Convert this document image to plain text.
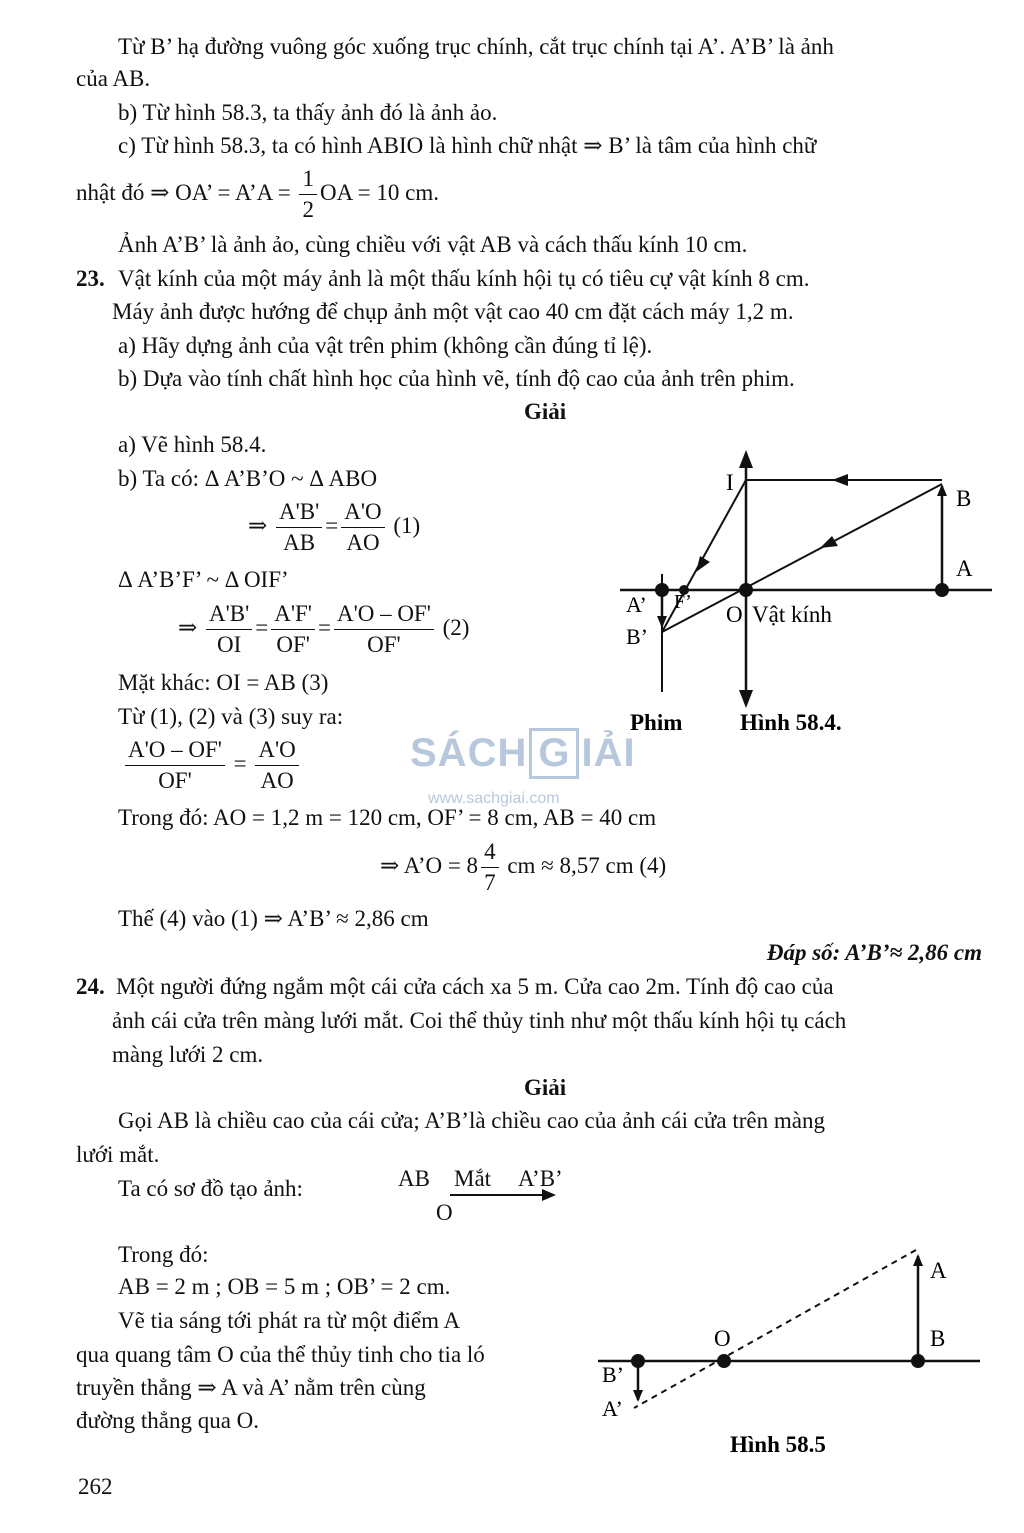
Từ B’ hạ đường vuông góc xuống trục chính, cắt trục chính tại A’. A’B’ là ảnh
của AB.
b) Từ hình 58.3, ta thấy ảnh đó là ảnh ảo.
c) Từ hình 58.3, ta có hình ABIO là hình chữ nhật ⇒ B’ là tâm của hình chữ
nhật đó ⇒ OA’ = A’A = $\frac{1}{2}$ OA = 10 cm.
Ảnh A’B’ là ảnh ảo, cùng chiều với vật AB và cách thấu kính 10 cm.
23. Vật kính của một máy ảnh là một thấu kính hội tụ có tiêu cự vật kính 8 cm.
Máy ảnh được hướng để chụp ảnh một vật cao 40 cm đặt cách máy 1,2 m.
a) Hãy dựng ảnh của vật trên phim (không cần đúng tỉ lệ).
b) Dựa vào tính chất hình học của hình vẽ, tính độ cao của ảnh trên phim.
Giải
a) Vẽ hình 58.4.
b) Ta có: Δ A’B’O ~ Δ ABO
⇒ $\frac{A'B'}{AB} = \frac{A'O}{AO} (1)$
Δ A’B’F’ ~ Δ OIF’
⇒ $\frac{A'B'}{OI} = \frac{A'F'}{OF'} = \frac{A'O - OF'}{OF'} (2)$
Mặt khác: OI = AB (3)
Từ (1), (2) và (3) suy ra:
$\frac{A'O - OF'}{OF'} = \frac{A'O}{AO}$
Trong đó: AO = 1,2 m = 120 cm, OF’ = 8 cm, AB = 40 cm
⇒ A’O = $8 \frac{4}{7}$ cm ≈ 8,57 cm (4)
Thế (4) vào (1) ⇒ A’B’ ≈ 2,86 cm
Đáp số: A’B’≈ 2,86 cm
I
B
A
A’ F’ O Vật kính
B’
Phim	Hình 58.4.
SÁCH G IẢI
www.sachgiai.com
24. Một người đứng ngắm một cái cửa cách xa 5 m. Cửa cao 2m. Tính độ cao của
ảnh cái cửa trên màng lưới mắt. Coi thể thủy tinh như một thấu kính hội tụ cách
màng lưới 2 cm.
Giải
Gọi AB là chiều cao của cái cửa; A’B’là chiều cao của ảnh cái cửa trên màng
lưới mắt.
Ta có sơ đồ tạo ảnh:	AB Mắt A’B’
O
Trong đó:
AB = 2 m ; OB = 5 m ; OB’ = 2 cm.
Vẽ tia sáng tới phát ra từ một điểm A
qua quang tâm O của thể thủy tinh cho tia ló
truyền thẳng ⇒ A và A’ nằm trên cùng
đường thẳng qua O.
A
O	B
B’
A’
Hình 58.5
262
